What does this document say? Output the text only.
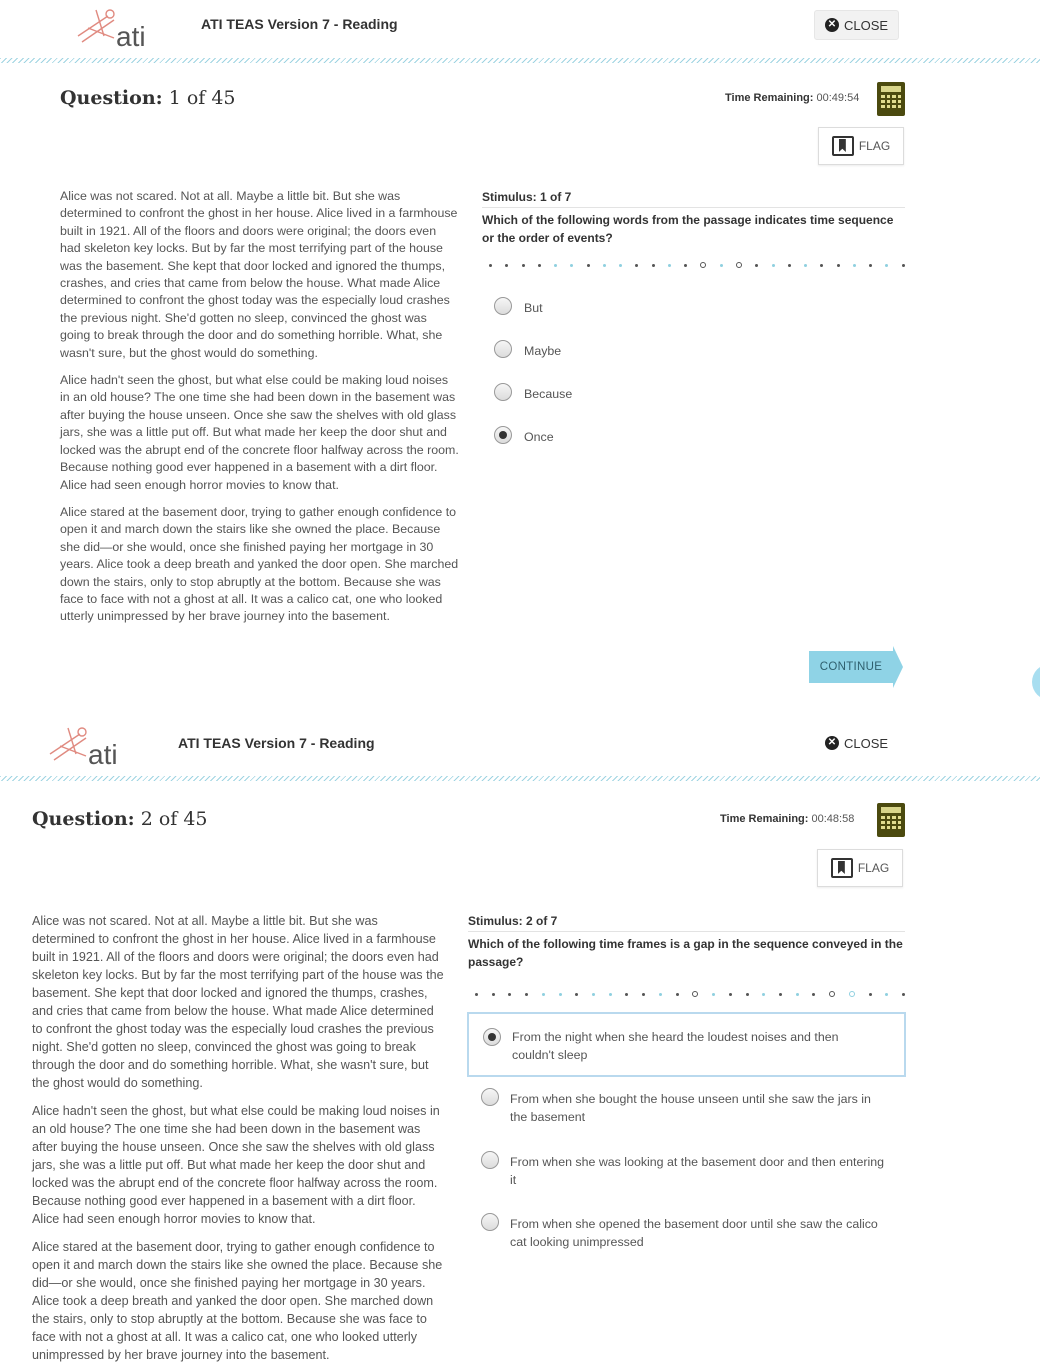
ati	ATI TEAS Version 7 - Reading	✕ CLOSE
Question: 1 of 45	Time Remaining: 00:49:54
FLAG

Alice was not scared. Not at all. Maybe a little bit. But she was determined to confront the ghost in her house. Alice lived in a farmhouse built in 1921. All of the floors and doors were original; the doors even had skeleton key locks. But by far the most terrifying part of the house was the basement. She kept that door locked and ignored the thumps, crashes, and cries that came from below the house. What made Alice determined to confront the ghost today was the especially loud crashes the previous night. She'd gotten no sleep, convinced the ghost was going to break through the door and do something horrible. What, she wasn't sure, but the ghost would do something.

Alice hadn't seen the ghost, but what else could be making loud noises in an old house? The one time she had been down in the basement was after buying the house unseen. Once she saw the shelves with old glass jars, she was a little put off. But what made her keep the door shut and locked was the abrupt end of the concrete floor halfway across the room. Because nothing good ever happened in a basement with a dirt floor. Alice had seen enough horror movies to know that.

Alice stared at the basement door, trying to gather enough confidence to open it and march down the stairs like she owned the place. Because she did—or she would, once she finished paying her mortgage in 30 years. Alice took a deep breath and yanked the door open. She marched down the stairs, only to stop abruptly at the bottom. Because she was face to face with not a ghost at all. It was a calico cat, one who looked utterly unimpressed by her brave journey into the basement.

Stimulus: 1 of 7
Which of the following words from the passage indicates time sequence or the order of events?
But
Maybe
Because
Once
CONTINUE
ati	ATI TEAS Version 7 - Reading	✕ CLOSE
Question: 2 of 45	Time Remaining: 00:48:58
FLAG

Alice was not scared. Not at all. Maybe a little bit. But she was determined to confront the ghost in her house. Alice lived in a farmhouse built in 1921. All of the floors and doors were original; the doors even had skeleton key locks. But by far the most terrifying part of the house was the basement. She kept that door locked and ignored the thumps, crashes, and cries that came from below the house. What made Alice determined to confront the ghost today was the especially loud crashes the previous night. She'd gotten no sleep, convinced the ghost was going to break through the door and do something horrible. What, she wasn't sure, but the ghost would do something.

Alice hadn't seen the ghost, but what else could be making loud noises in an old house? The one time she had been down in the basement was after buying the house unseen. Once she saw the shelves with old glass jars, she was a little put off. But what made her keep the door shut and locked was the abrupt end of the concrete floor halfway across the room. Because nothing good ever happened in a basement with a dirt floor. Alice had seen enough horror movies to know that.

Alice stared at the basement door, trying to gather enough confidence to open it and march down the stairs like she owned the place. Because she did—or she would, once she finished paying her mortgage in 30 years. Alice took a deep breath and yanked the door open. She marched down the stairs, only to stop abruptly at the bottom. Because she was face to face with not a ghost at all. It was a calico cat, one who looked utterly unimpressed by her brave journey into the basement.

Stimulus: 2 of 7
Which of the following time frames is a gap in the sequence conveyed in the passage?
From the night when she heard the loudest noises and then couldn't sleep
From when she bought the house unseen until she saw the jars in the basement
From when she was looking at the basement door and then entering it
From when she opened the basement door until she saw the calico cat looking unimpressed
